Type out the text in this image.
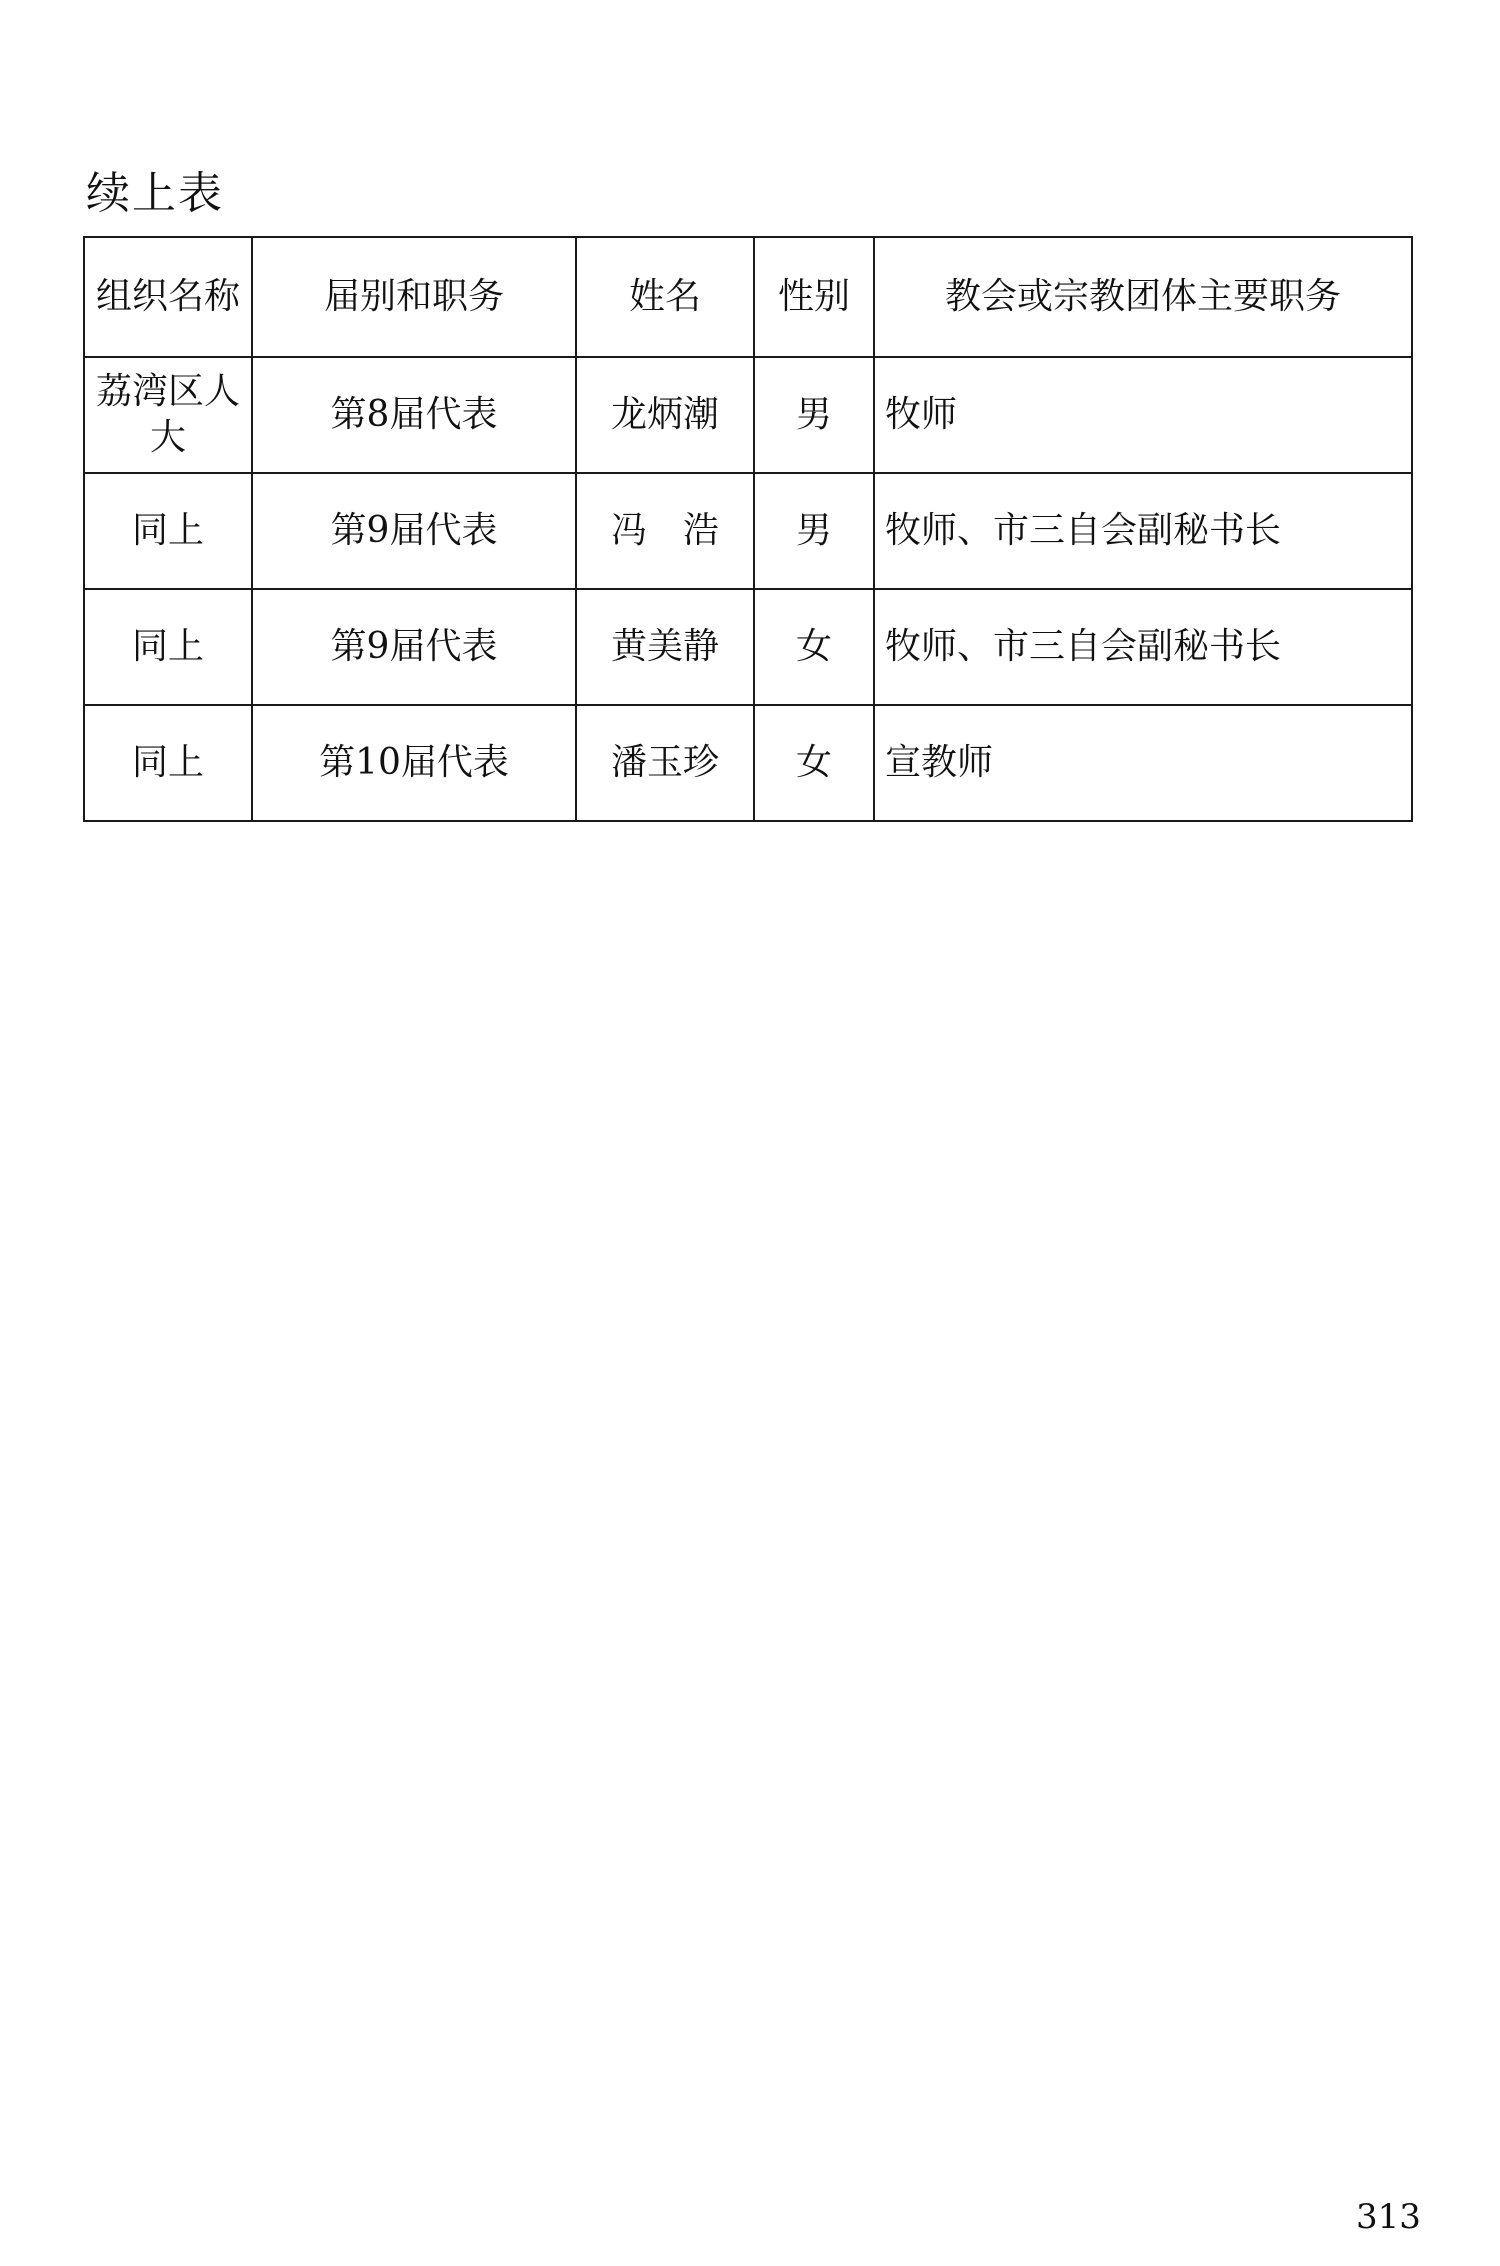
续上表
组织名称	届别和职务	姓名	性别	教会或宗教团体主要职务
荔湾区人大	第8届代表	龙炳潮	男	牧师
同上	第9届代表	冯　浩	男	牧师、市三自会副秘书长
同上	第9届代表	黄美静	女	牧师、市三自会副秘书长
同上	第10届代表	潘玉珍	女	宣教师
313
